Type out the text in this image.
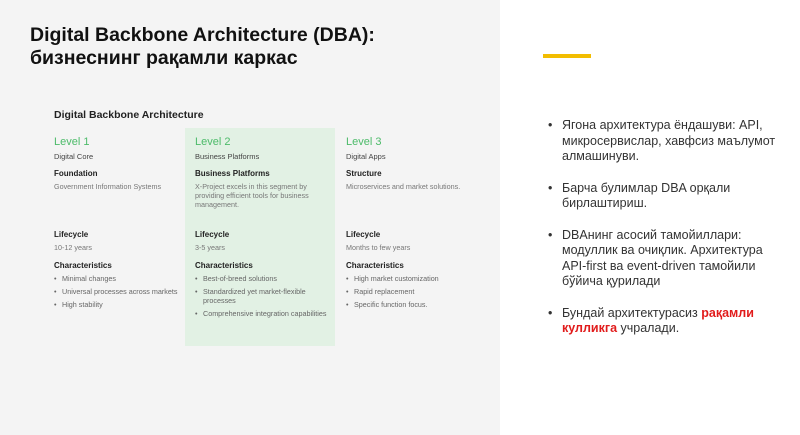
Digital Backbone Architecture (DBA):
бизнеснинг рақамли каркас
Digital Backbone Architecture
Level 1
Digital Core
Foundation
Government Information Systems
Lifecycle
10-12 years
Characteristics
• Minimal changes
• Universal processes across markets
• High stability
Level 2
Business Platforms
Business Platforms
X-Project excels in this segment by providing efficient tools for business management.
Lifecycle
3-5 years
Characteristics
• Best-of-breed solutions
• Standardized yet market-flexible processes
• Comprehensive integration capabilities
Level 3
Digital Apps
Structure
Microservices and market solutions.
Lifecycle
Months to few years
Characteristics
• High market customization
• Rapid replacement
• Specific function focus.
• Ягона архитектура ёндашуви: API, микросервислар, хавфсиз маълумот алмашинуви.
• Барча булимлар DBA орқали бирлаштириш.
• DBAнинг асосий тамойиллари: модуллик ва очиқлик. Архитектура API-first ва event-driven тамойили бўйича қурилади
• Бундай архитектурасиз рақамли кулликга учралади.
